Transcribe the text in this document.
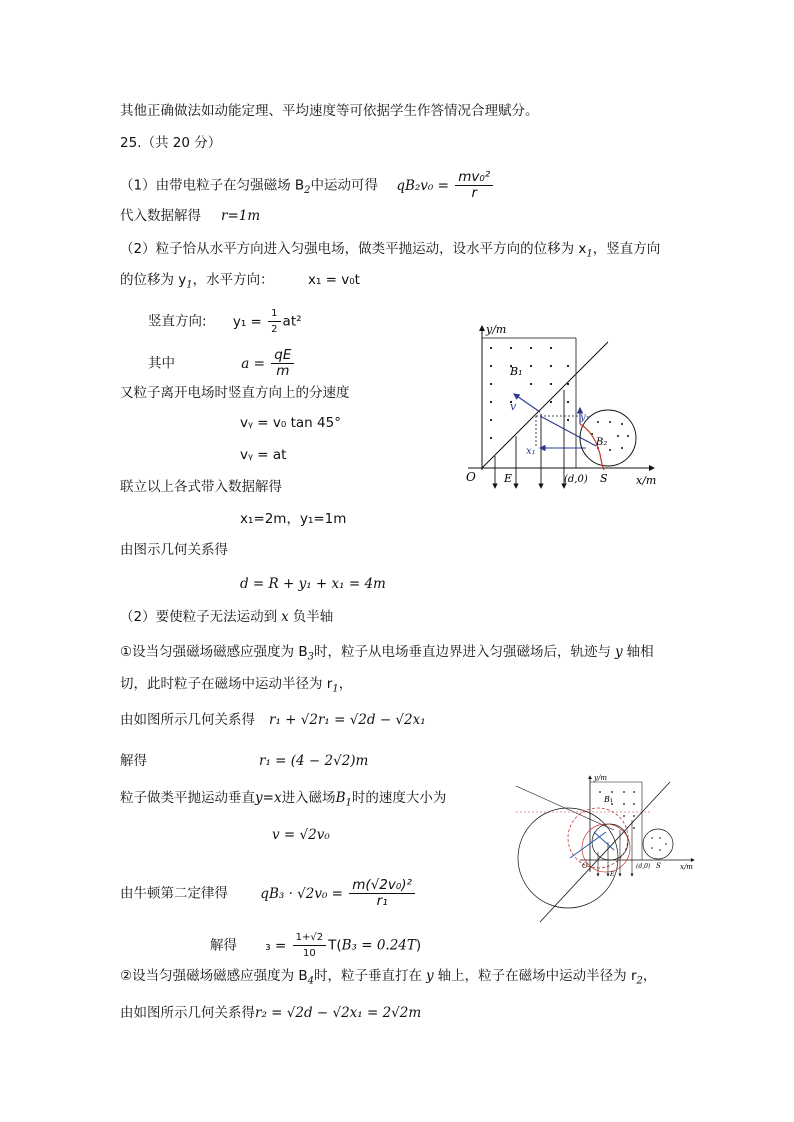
其他正确做法如动能定理、平均速度等可依据学生作答情况合理赋分。
25.（共 20 分）
（1）由带电粒子在匀强磁场 $B_2$中运动可得 $qB_2v_0 = \frac{\text{mv₀²}}{r}$
代入数据解得 r=1m
（2）粒子恰从水平方向进入匀强电场，做类平抛运动，设水平方向的位移为 $x_1$，竖直方向
的位移为 $y_1$，水平方向：	x₁ = v₀t
竖直方向: $y_1 = \frac{1}{2} at^2$
其中	$a = \frac{qE}{m}$
又粒子离开电场时竖直方向上的分速度
vᵧ = v₀ tan 45°
vᵧ = at
联立以上各式带入数据解得
x₁=2m，y₁=1m
由图示几何关系得
d = R + y₁ + x₁ = 4m
（2）要使粒子无法运动到 x 负半轴
①设当匀强磁场磁感应强度为 $B_3$时，粒子从电场垂直边界进入匀强磁场后，轨迹与 y 轴相
切，此时粒子在磁场中运动半径为 $r_1$，
由如图所示几何关系得 r₁ + √2r₁ = √2d − √2x₁
解得	r₁ = (4 − 2√2)m
粒子做类平抛运动垂直y=x进入磁场$B_1$时的速度大小为
v = √2v₀
由牛顿第二定律得 $qB_3 \cdot √2v_0 = \frac{\text{m(√2v₀)²}}{\text{r₁}}$
解得 $_3 = \frac{1+√2}{10} T(B_3 = 0.24T)$
②设当匀强磁场磁感应强度为 $B_4$时，粒子垂直打在 y 轴上，粒子在磁场中运动半径为 $r_2$，
由如图所示几何关系得r₂ = √2d − √2x₁ = 2√2m
y/m
x/m
O	E
B₁
B₂
v
y₁
x₁
(d,0) S
y/m
x/m
B₁
O
E
(d,0) S
